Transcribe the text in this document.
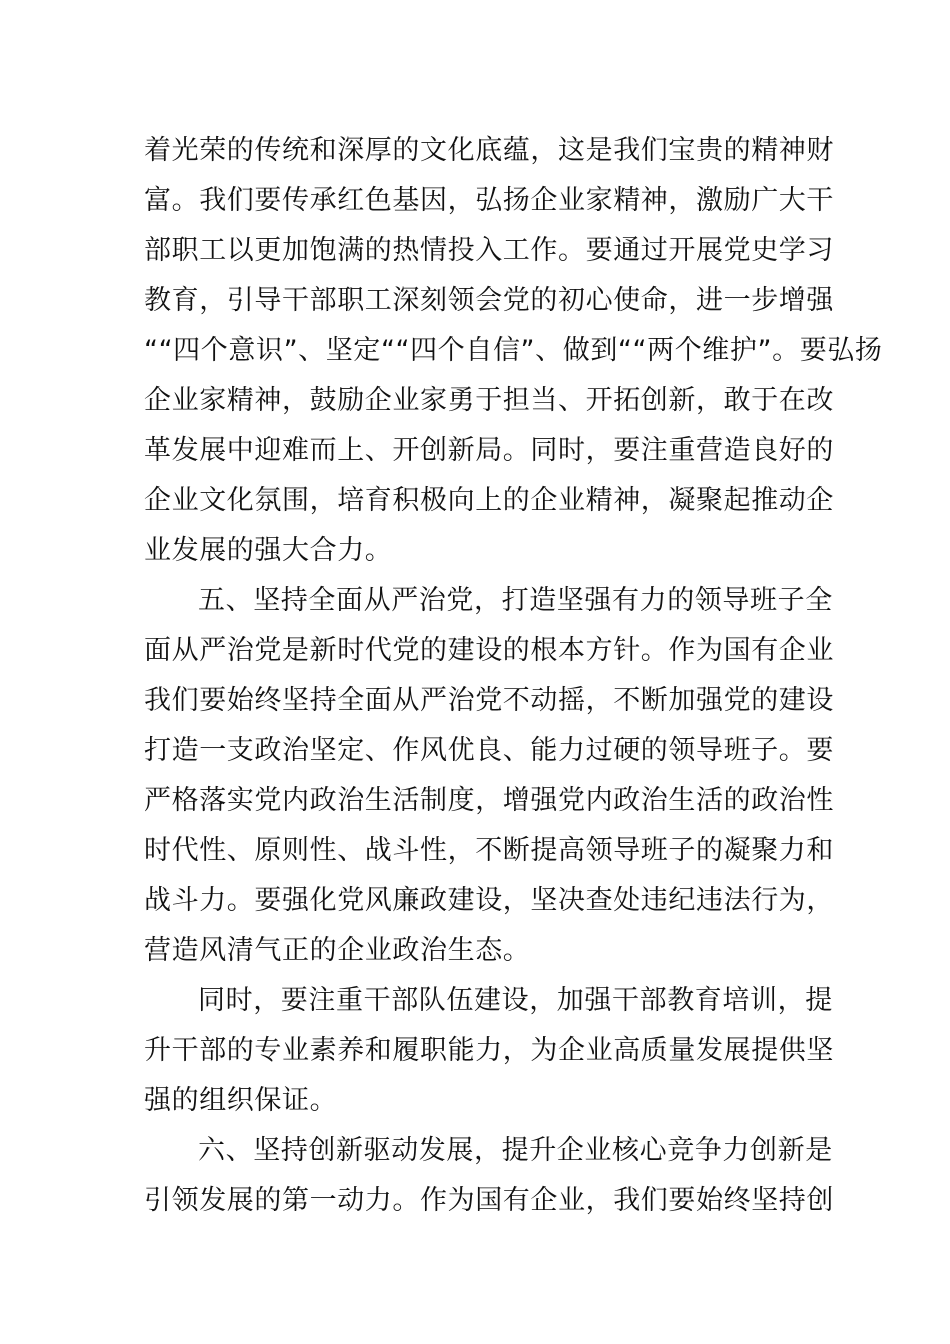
着光荣的传统和深厚的文化底蕴，这是我们宝贵的精神财
富。我们要传承红色基因，弘扬企业家精神，激励广大干
部职工以更加饱满的热情投入工作。要通过开展党史学习
教育，引导干部职工深刻领会党的初心使命，进一步增强
““四个意识”、坚定““四个自信”、做到““两个维护”。要弘扬
企业家精神，鼓励企业家勇于担当、开拓创新，敢于在改
革发展中迎难而上、开创新局。同时，要注重营造良好的
企业文化氛围，培育积极向上的企业精神，凝聚起推动企
业发展的强大合力。
五、坚持全面从严治党，打造坚强有力的领导班子全
面从严治党是新时代党的建设的根本方针。作为国有企业
我们要始终坚持全面从严治党不动摇，不断加强党的建设
打造一支政治坚定、作风优良、能力过硬的领导班子。要
严格落实党内政治生活制度，增强党内政治生活的政治性
时代性、原则性、战斗性，不断提高领导班子的凝聚力和
战斗力。要强化党风廉政建设，坚决查处违纪违法行为，
营造风清气正的企业政治生态。
同时，要注重干部队伍建设，加强干部教育培训，提
升干部的专业素养和履职能力，为企业高质量发展提供坚
强的组织保证。
六、坚持创新驱动发展，提升企业核心竞争力创新是
引领发展的第一动力。作为国有企业，我们要始终坚持创
